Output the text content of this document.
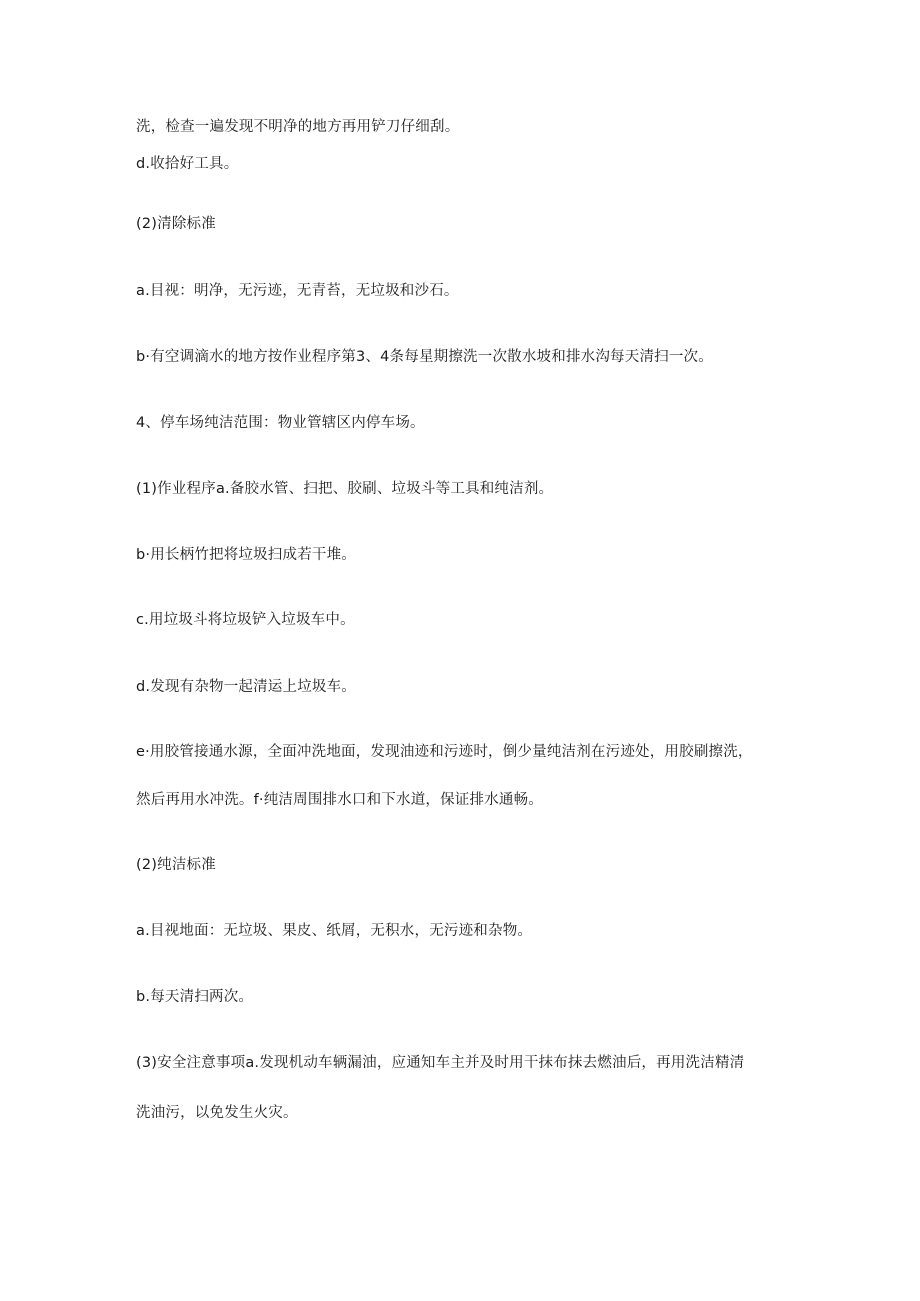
洗，检查一遍发现不明净的地方再用铲刀仔细刮。
d.收拾好工具。
(2)清除标准
a.目视：明净，无污迹，无青苔，无垃圾和沙石。
b·有空调滴水的地方按作业程序第3、4条每星期擦洗一次散水坡和排水沟每天清扫一次。
4、停车场纯洁范围：物业管辖区内停车场。
(1)作业程序a.备胶水管、扫把、胶刷、垃圾斗等工具和纯洁剂。
b·用长柄竹把将垃圾扫成若干堆。
c.用垃圾斗将垃圾铲入垃圾车中。
d.发现有杂物一起清运上垃圾车。
e·用胶管接通水源，全面冲洗地面，发现油迹和污迹时，倒少量纯洁剂在污迹处，用胶刷擦洗，
然后再用水冲洗。f·纯洁周围排水口和下水道，保证排水通畅。
(2)纯洁标准
a.目视地面：无垃圾、果皮、纸屑，无积水，无污迹和杂物。
b.每天清扫两次。
(3)安全注意事项a.发现机动车辆漏油，应通知车主并及时用干抹布抹去燃油后，再用洗洁精清
洗油污，以免发生火灾。
